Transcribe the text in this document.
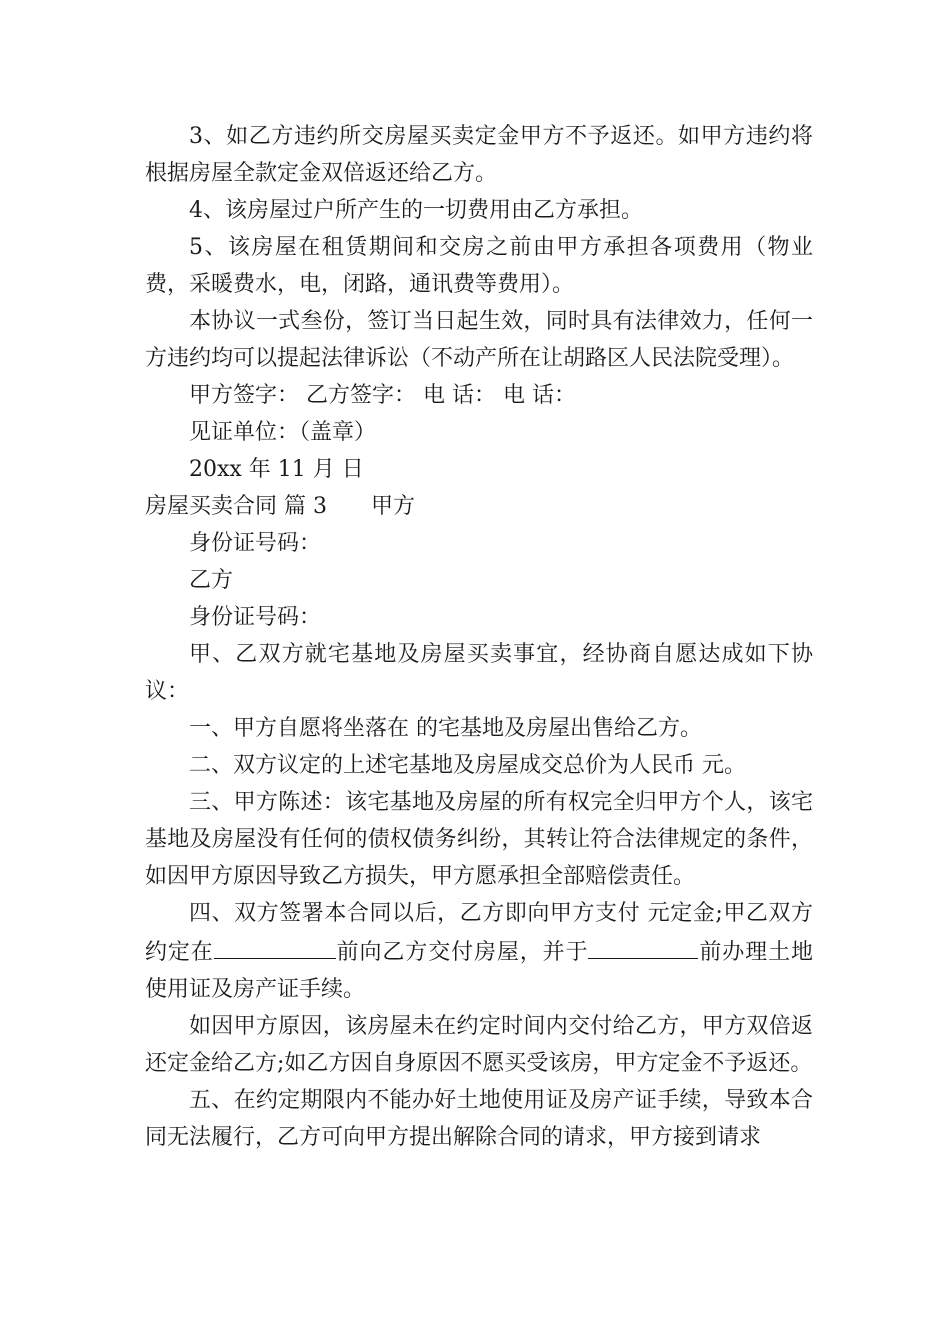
3、如乙方违约所交房屋买卖定金甲方不予返还。如甲方违约将根据房屋全款定金双倍返还给乙方。

4、该房屋过户所产生的一切费用由乙方承担。

5、该房屋在租赁期间和交房之前由甲方承担各项费用（物业费，采暖费水，电，闭路，通讯费等费用）。

本协议一式叁份，签订当日起生效，同时具有法律效力，任何一方违约均可以提起法律诉讼（不动产所在让胡路区人民法院受理）。

甲方签字： 乙方签字： 电 话： 电 话：

见证单位：（盖章）

20xx 年 11 月 日

房屋买卖合同 篇 3 甲方

身份证号码：

乙方

身份证号码：

甲、乙双方就宅基地及房屋买卖事宜，经协商自愿达成如下协议：

一、甲方自愿将坐落在 的宅基地及房屋出售给乙方。

二、双方议定的上述宅基地及房屋成交总价为人民币 元。

三、甲方陈述：该宅基地及房屋的所有权完全归甲方个人，该宅基地及房屋没有任何的债权债务纠纷，其转让符合法律规定的条件，如因甲方原因导致乙方损失，甲方愿承担全部赔偿责任。

四、双方签署本合同以后，乙方即向甲方支付 元定金;甲乙双方约定在	前向乙方交付房屋，并于	前办理土地使用证及房产证手续。

如因甲方原因，该房屋未在约定时间内交付给乙方，甲方双倍返还定金给乙方;如乙方因自身原因不愿买受该房，甲方定金不予返还。

五、在约定期限内不能办好土地使用证及房产证手续，导致本合同无法履行，乙方可向甲方提出解除合同的请求，甲方接到请求
